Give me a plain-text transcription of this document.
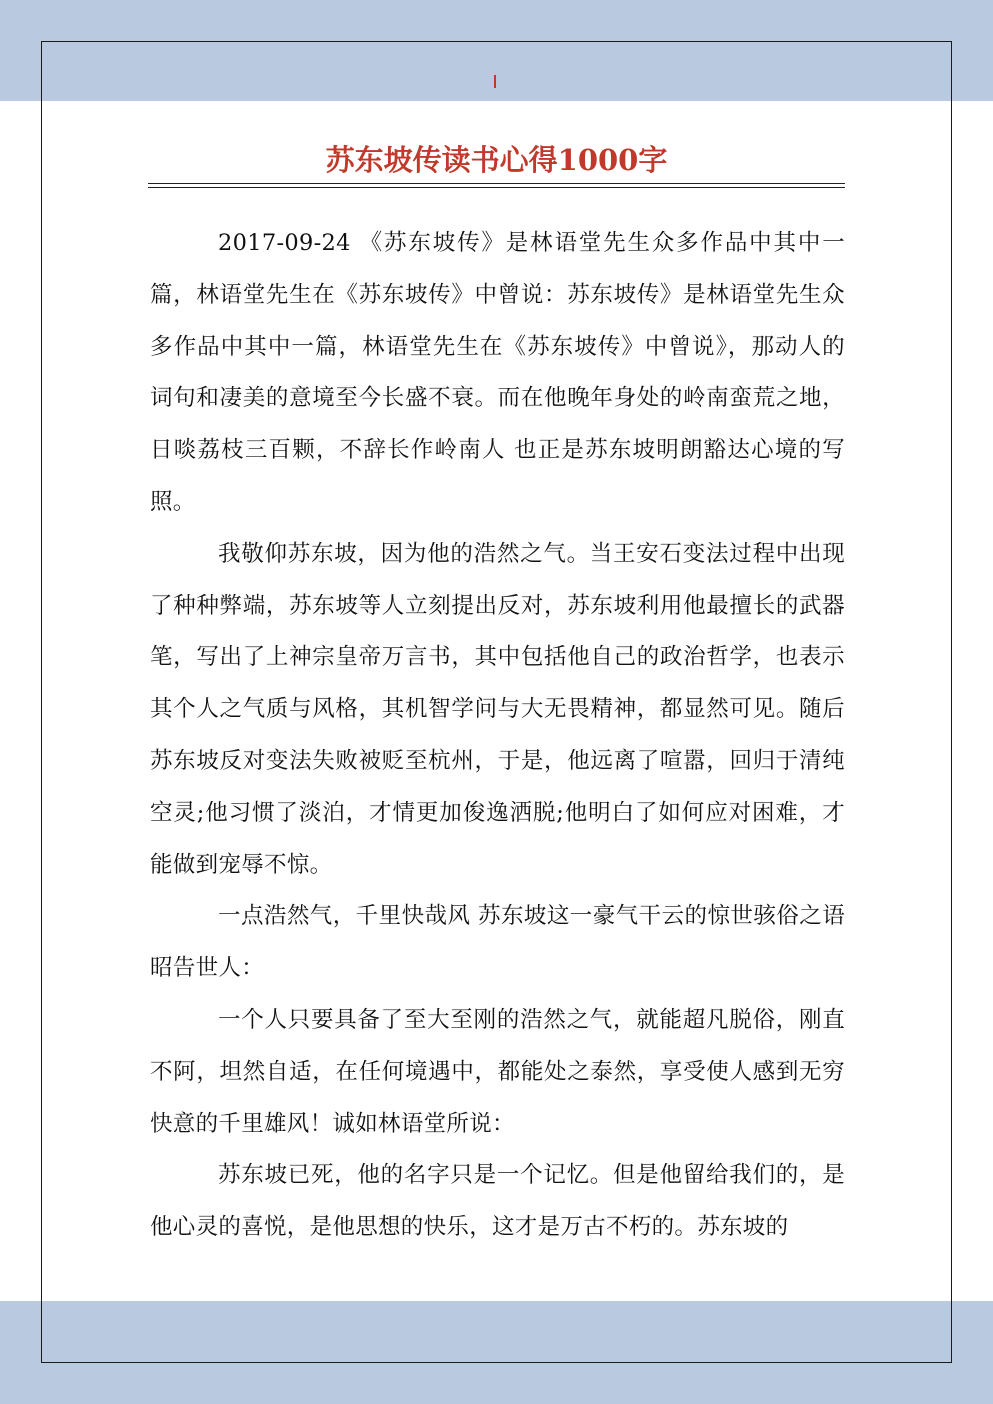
苏东坡传读书心得1000字

2017-09-24 《苏东坡传》是林语堂先生众多作品中其中一篇，林语堂先生在《苏东坡传》中曾说：苏东坡传》是林语堂先生众多作品中其中一篇，林语堂先生在《苏东坡传》中曾说》，那动人的词句和凄美的意境至今长盛不衰。而在他晚年身处的岭南蛮荒之地，日啖荔枝三百颗，不辞长作岭南人 也正是苏东坡明朗豁达心境的写照。

我敬仰苏东坡，因为他的浩然之气。当王安石变法过程中出现了种种弊端，苏东坡等人立刻提出反对，苏东坡利用他最擅长的武器 笔，写出了上神宗皇帝万言书，其中包括他自己的政治哲学，也表示其个人之气质与风格，其机智学问与大无畏精神，都显然可见。随后苏东坡反对变法失败被贬至杭州，于是，他远离了喧嚣，回归于清纯空灵;他习惯了淡泊，才情更加俊逸洒脱;他明白了如何应对困难，才能做到宠辱不惊。

一点浩然气，千里快哉风 苏东坡这一豪气干云的惊世骇俗之语昭告世人：

一个人只要具备了至大至刚的浩然之气，就能超凡脱俗，刚直不阿，坦然自适，在任何境遇中，都能处之泰然，享受使人感到无穷快意的千里雄风！诚如林语堂所说：

苏东坡已死，他的名字只是一个记忆。但是他留给我们的，是他心灵的喜悦，是他思想的快乐，这才是万古不朽的。苏东坡的
